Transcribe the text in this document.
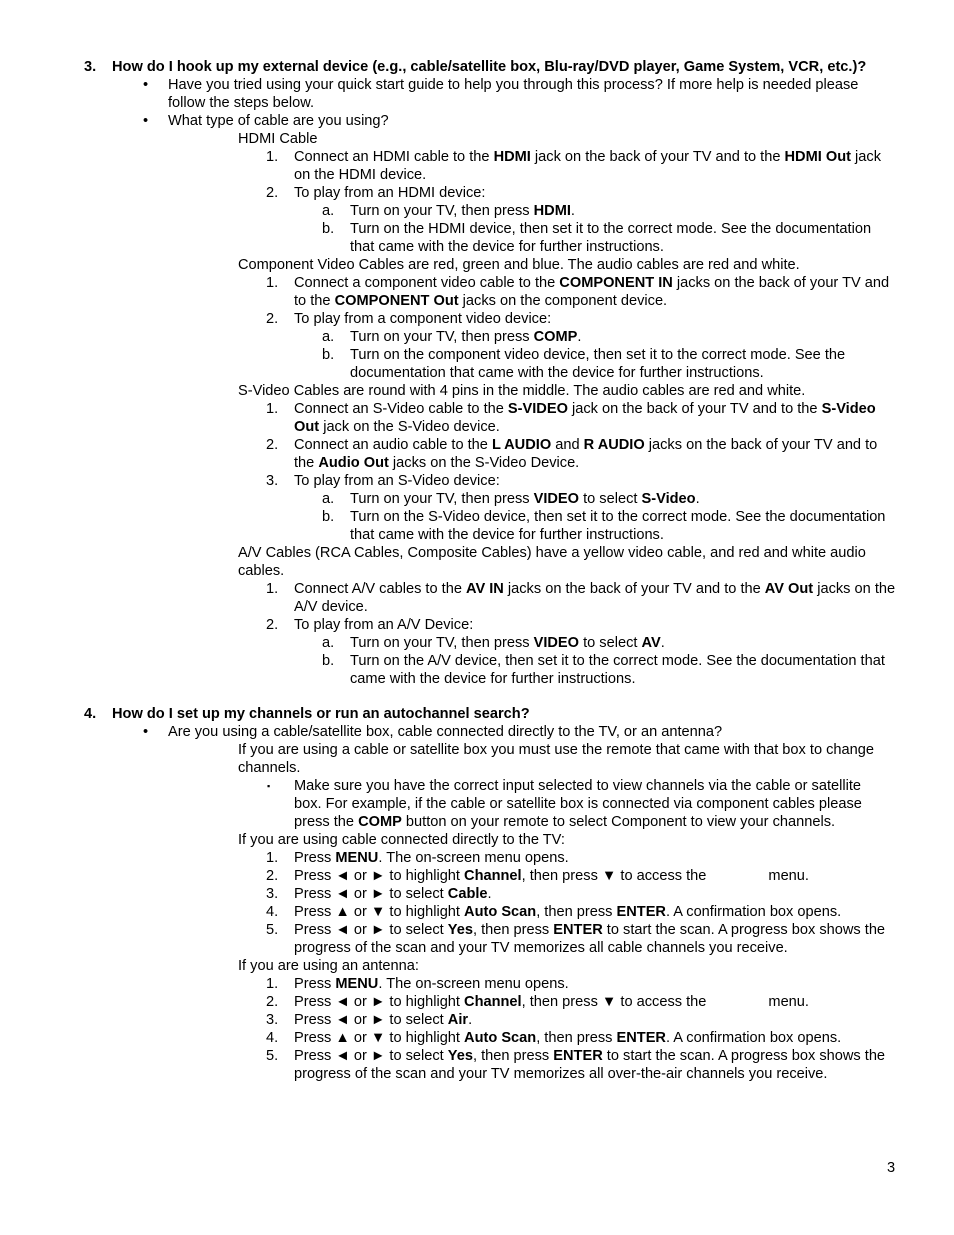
3. How do I hook up my external device (e.g., cable/satellite box, Blu-ray/DVD player, Game System, VCR, etc.)?
• Have you tried using your quick start guide to help you through this process? If more help is needed please follow the steps below.
• What type of cable are you using?
HDMI Cable
1. Connect an HDMI cable to the HDMI jack on the back of your TV and to the HDMI Out jack on the HDMI device.
2. To play from an HDMI device:
a. Turn on your TV, then press HDMI.
b. Turn on the HDMI device, then set it to the correct mode. See the documentation that came with the device for further instructions.
Component Video Cables are red, green and blue. The audio cables are red and white.
1. Connect a component video cable to the COMPONENT IN jacks on the back of your TV and to the COMPONENT Out jacks on the component device.
2. To play from a component video device:
a. Turn on your TV, then press COMP.
b. Turn on the component video device, then set it to the correct mode. See the documentation that came with the device for further instructions.
S-Video Cables are round with 4 pins in the middle. The audio cables are red and white.
1. Connect an S-Video cable to the S-VIDEO jack on the back of your TV and to the S-Video Out jack on the S-Video device.
2. Connect an audio cable to the L AUDIO and R AUDIO jacks on the back of your TV and to the Audio Out jacks on the S-Video Device.
3. To play from an S-Video device:
a. Turn on your TV, then press VIDEO to select S-Video.
b. Turn on the S-Video device, then set it to the correct mode. See the documentation that came with the device for further instructions.
A/V Cables (RCA Cables, Composite Cables) have a yellow video cable, and red and white audio cables.
1. Connect A/V cables to the AV IN jacks on the back of your TV and to the AV Out jacks on the A/V device.
2. To play from an A/V Device:
a. Turn on your TV, then press VIDEO to select AV.
b. Turn on the A/V device, then set it to the correct mode. See the documentation that came with the device for further instructions.
4. How do I set up my channels or run an autochannel search?
• Are you using a cable/satellite box, cable connected directly to the TV, or an antenna?
If you are using a cable or satellite box you must use the remote that came with that box to change channels.
▪ Make sure you have the correct input selected to view channels via the cable or satellite box. For example, if the cable or satellite box is connected via component cables please press the COMP button on your remote to select Component to view your channels.
If you are using cable connected directly to the TV:
1. Press MENU. The on-screen menu opens.
2. Press ◄ or ► to highlight Channel, then press ▼ to access the	menu.
3. Press ◄ or ► to select Cable.
4. Press ▲ or ▼ to highlight Auto Scan, then press ENTER. A confirmation box opens.
5. Press ◄ or ► to select Yes, then press ENTER to start the scan. A progress box shows the progress of the scan and your TV memorizes all cable channels you receive.
If you are using an antenna:
1. Press MENU. The on-screen menu opens.
2. Press ◄ or ► to highlight Channel, then press ▼ to access the	menu.
3. Press ◄ or ► to select Air.
4. Press ▲ or ▼ to highlight Auto Scan, then press ENTER. A confirmation box opens.
5. Press ◄ or ► to select Yes, then press ENTER to start the scan. A progress box shows the progress of the scan and your TV memorizes all over-the-air channels you receive.
3
